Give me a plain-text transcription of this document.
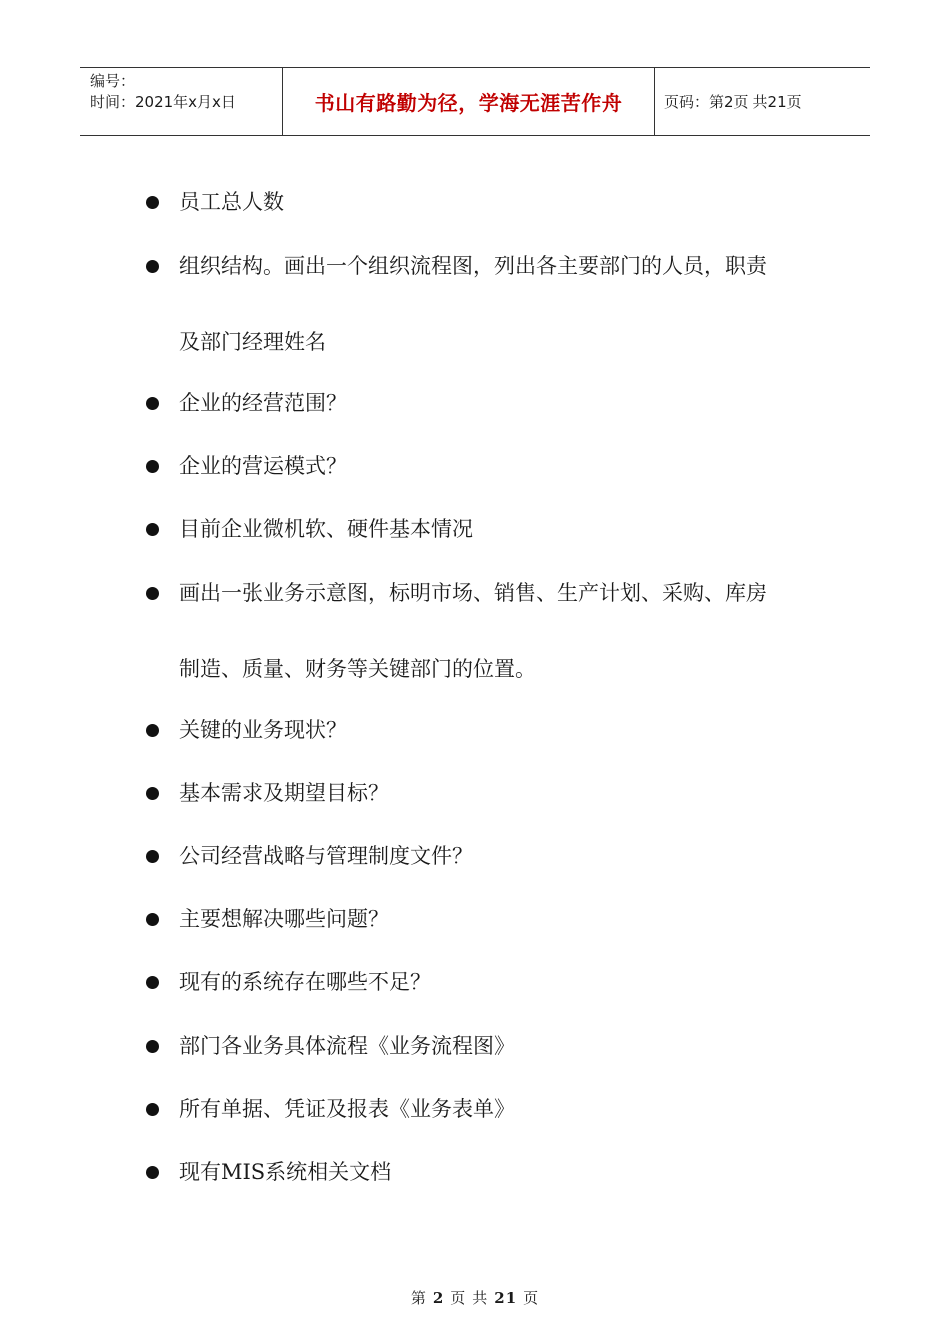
编号：
时间：2021年x月x日	书山有路勤为径，学海无涯苦作舟	页码：第2页 共21页
员工总人数
组织结构。画出一个组织流程图，列出各主要部门的人员，职责
及部门经理姓名
企业的经营范围？
企业的营运模式？
目前企业微机软、硬件基本情况
画出一张业务示意图，标明市场、销售、生产计划、采购、库房
制造、质量、财务等关键部门的位置。
关键的业务现状？
基本需求及期望目标？
公司经营战略与管理制度文件？
主要想解决哪些问题？
现有的系统存在哪些不足？
部门各业务具体流程《业务流程图》
所有单据、凭证及报表《业务表单》
现有MIS系统相关文档
第 2 页 共 21 页
